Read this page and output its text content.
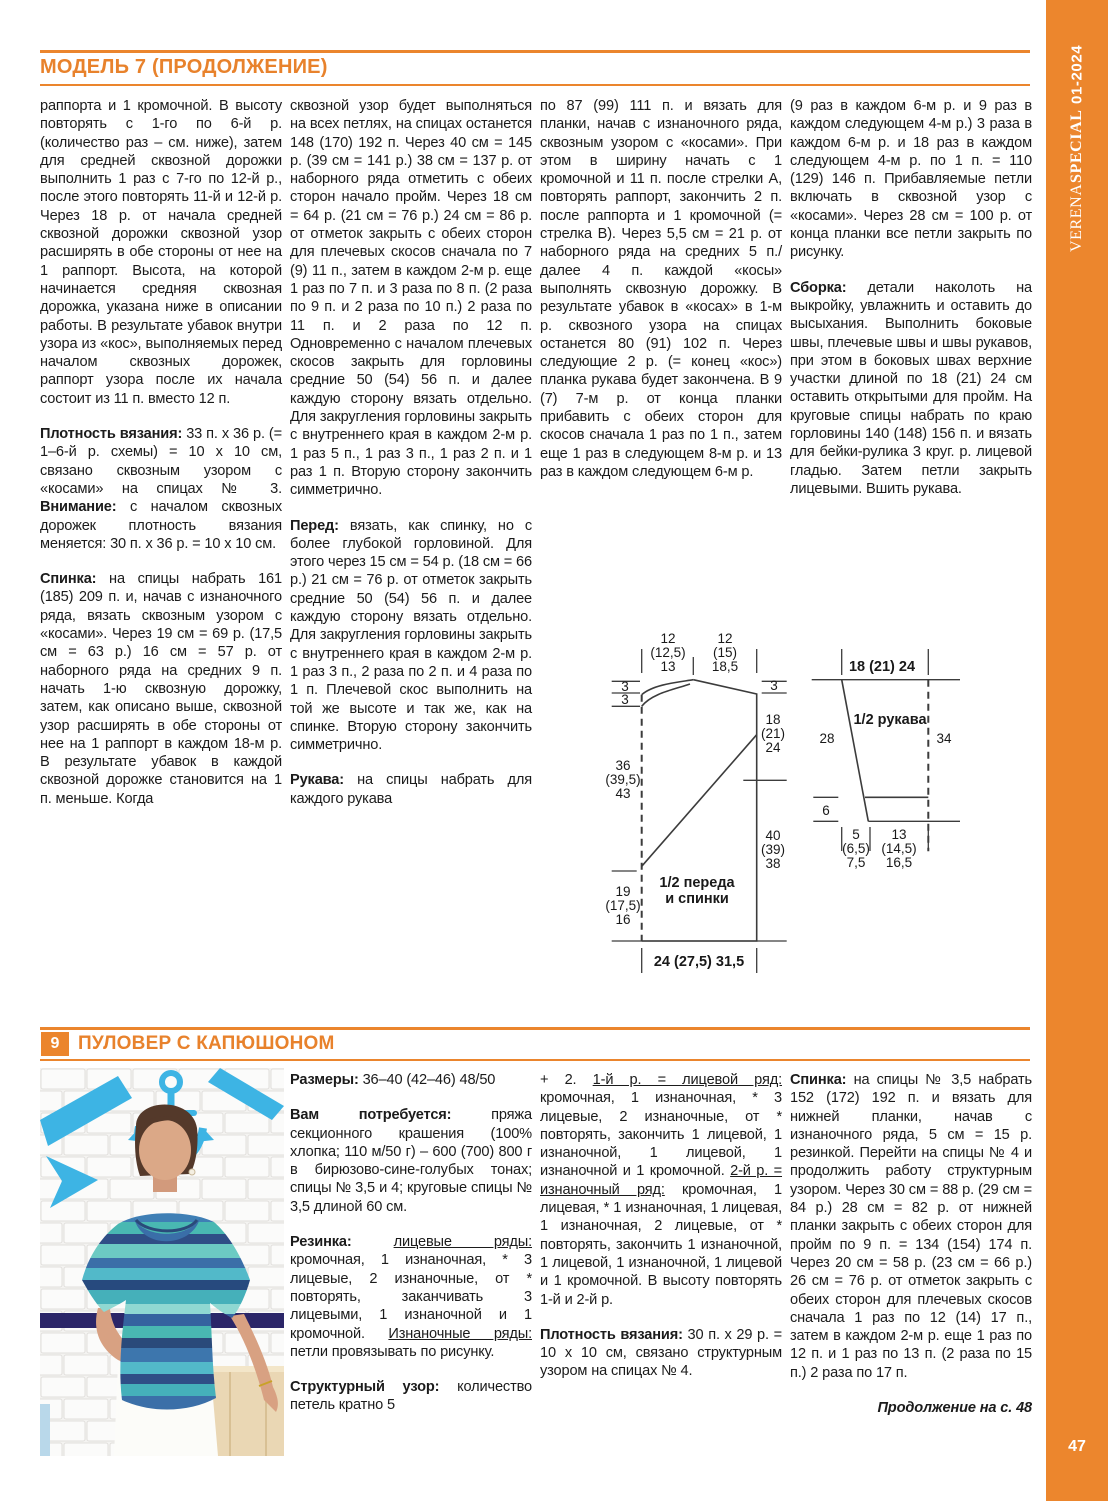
МОДЕЛЬ 7 (ПРОДОЛЖЕНИЕ)

раппорта и 1 кромочной. В высоту повторять с 1-го по 6-й р. (количество раз – см. ниже), затем для средней сквозной дорожки выполнить 1 раз с 7-го по 12-й р., после этого повторять 11-й и 12-й р. Через 18 р. от начала средней сквозной дорожки сквозной узор расширять в обе стороны от нее на 1 раппорт. Высота, на которой начинается средняя сквозная дорожка, указана ниже в описании работы. В результате убавок внутри узора из «кос», выполняемых перед началом сквозных дорожек, раппорт узора после их начала состоит из 11 п. вместо 12 п.

Плотность вязания: 33 п. х 36 р. (= 1–6-й р. схемы) = 10 х 10 см, связано сквозным узором с «косами» на спицах № 3. Внимание: с началом сквозных дорожек плотность вязания меняется: 30 п. х 36 р. = 10 х 10 см.

Спинка: на спицы набрать 161 (185) 209 п. и, начав с изнаночного ряда, вязать сквозным узором с «косами». Через 19 см = 69 р. (17,5 см = 63 р.) 16 см = 57 р. от наборного ряда на средних 9 п. начать 1-ю сквозную дорожку, затем, как описано выше, сквозной узор расширять в обе стороны от нее на 1 раппорт в каждом 18-м р. В результате убавок в каждой сквозной дорожке становится на 1 п. меньше. Когда

сквозной узор будет выполняться на всех петлях, на спицах останется 148 (170) 192 п. Через 40 см = 145 р. (39 см = 141 р.) 38 см = 137 р. от наборного ряда отметить с обеих сторон начало пройм. Через 18 см = 64 р. (21 см = 76 р.) 24 см = 86 р. от отметок закрыть с обеих сторон для плечевых скосов сначала по 7 (9) 11 п., затем в каждом 2-м р. еще 1 раз по 7 п. и 3 раза по 8 п. (2 раза по 9 п. и 2 раза по 10 п.) 2 раза по 11 п. и 2 раза по 12 п. Одновременно с началом плечевых скосов закрыть для горловины средние 50 (54) 56 п. и далее каждую сторону вязать отдельно. Для закругления горловины закрыть с внутреннего края в каждом 2-м р. 1 раз 5 п., 1 раз 3 п., 1 раз 2 п. и 1 раз 1 п. Вторую сторону закончить симметрично.

Перед: вязать, как спинку, но с более глубокой горловиной. Для этого через 15 см = 54 р. (18 см = 66 р.) 21 см = 76 р. от отметок закрыть средние 50 (54) 56 п. и далее каждую сторону вязать отдельно. Для закругления горловины закрыть с внутреннего края в каждом 2-м р. 1 раз 3 п., 2 раза по 2 п. и 4 раза по 1 п. Плечевой скос выполнить на той же высоте и так же, как на спинке. Вторую сторону закончить симметрично.

Рукава: на спицы набрать для каждого рукава

по 87 (99) 111 п. и вязать для планки, начав с изнаночного ряда, сквозным узором с «косами». При этом в ширину начать с 1 кромочной и 11 п. после стрелки А, повторять раппорт, закончить 2 п. после раппорта и 1 кромочной (= стрелка В). Через 5,5 см = 21 р. от наборного ряда на средних 5 п./далее 4 п. каждой «косы» выполнять сквозную дорожку. В результате убавок в «косах» в 1-м р. сквозного узора на спицах останется 80 (91) 102 п. Через следующие 2 р. (= конец «кос») планка рукава будет закончена. В 9 (7) 7-м р. от конца планки прибавить с обеих сторон для скосов сначала 1 раз по 1 п., затем еще 1 раз в следующем 8-м р. и 13 раз в каждом следующем 6-м р.

(9 раз в каждом 6-м р. и 9 раз в каждом следующем 4-м р.) 3 раза в каждом 6-м р. и 18 раз в каждом следующем 4-м р. по 1 п. = 110 (129) 146 п. Прибавляемые петли включать в сквозной узор с «косами». Через 28 см = 100 р. от конца планки все петли закрыть по рисунку.

Сборка: детали наколоть на выкройку, увлажнить и оставить до высыхания. Выполнить боковые швы, плечевые швы и швы рукавов, при этом в боковых швах верхние участки длиной по 18 (21) 24 см оставить открытыми для пройм. На круговые спицы набрать по краю горловины 140 (148) 156 п. и вязать для бейки-рулика 3 круг. р. лицевой гладью. Затем петли закрыть лицевыми. Вшить рукава.

12
(12,5)
13
12
(15)
18,5
3
3
3
18
(21)
24
36
(39,5)
43
40
(39)
38
19
(17,5)
16
1/2 переда
и спинки
24 (27,5) 31,5
18 (21) 24
1/2 рукава
28	34
6
5
(6,5)
7,5
13
(14,5)
16,5
9 ПУЛОВЕР С КАПЮШОНОМ

Размеры: 36–40 (42–46) 48/50

Вам потребуется: пряжа секционного крашения (100% хлопка; 110 м/50 г) – 600 (700) 800 г в бирюзово-сине-голубых тонах; спицы № 3,5 и 4; круговые спицы № 3,5 длиной 60 см.

Резинка:	лицевые ряды: кромочная, 1 изнаночная, * 3 лицевые, 2 изнаночные, от * повторять, заканчивать 3 лицевыми, 1 изнаночной и 1 кромочной. Изнаночные ряды: петли провязывать по рисунку.

Структурный узор: количество петель кратно 5

+ 2. 1-й р. = лицевой ряд: кромочная, 1 изнаночная, * 3 лицевые, 2 изнаночные, от * повторять, закончить 1 лицевой, 1 изнаночной, 1 лицевой, 1 изнаночной и 1 кромочной. 2-й р. = изнаночный ряд: кромочная, 1 лицевая, * 1 изнаночная, 1 лицевая, 1 изнаночная, 2 лицевые, от * повторять, закончить 1 изнаночной, 1 лицевой, 1 изнаночной, 1 лицевой и 1 кромочной. В высоту повторять 1-й и 2-й р.

Плотность вязания: 30 п. х 29 р. = 10 х 10 см, связано структурным узором на спицах № 4.

Спинка: на спицы № 3,5 набрать 152 (172) 192 п. и вязать для нижней планки, начав с изнаночного ряда, 5 см = 15 р. резинкой. Перейти на спицы № 4 и продолжить работу структурным узором. Через 30 см = 88 р. (29 см = 84 р.) 28 см = 82 р. от нижней планки закрыть с обеих сторон для пройм по 9 п. = 134 (154) 174 п. Через 20 см = 58 р. (23 см = 66 р.) 26 см = 76 р. от отметок закрыть с обеих сторон для плечевых скосов сначала 1 раз по 12 (14) 17 п., затем в каждом 2-м р. еще 1 раз по 12 п. и 1 раз по 13 п. (2 раза по 15 п.) 2 раза по 17 п.

Продолжение на с. 48

VERENA
SPECIAL
01-2024
47
